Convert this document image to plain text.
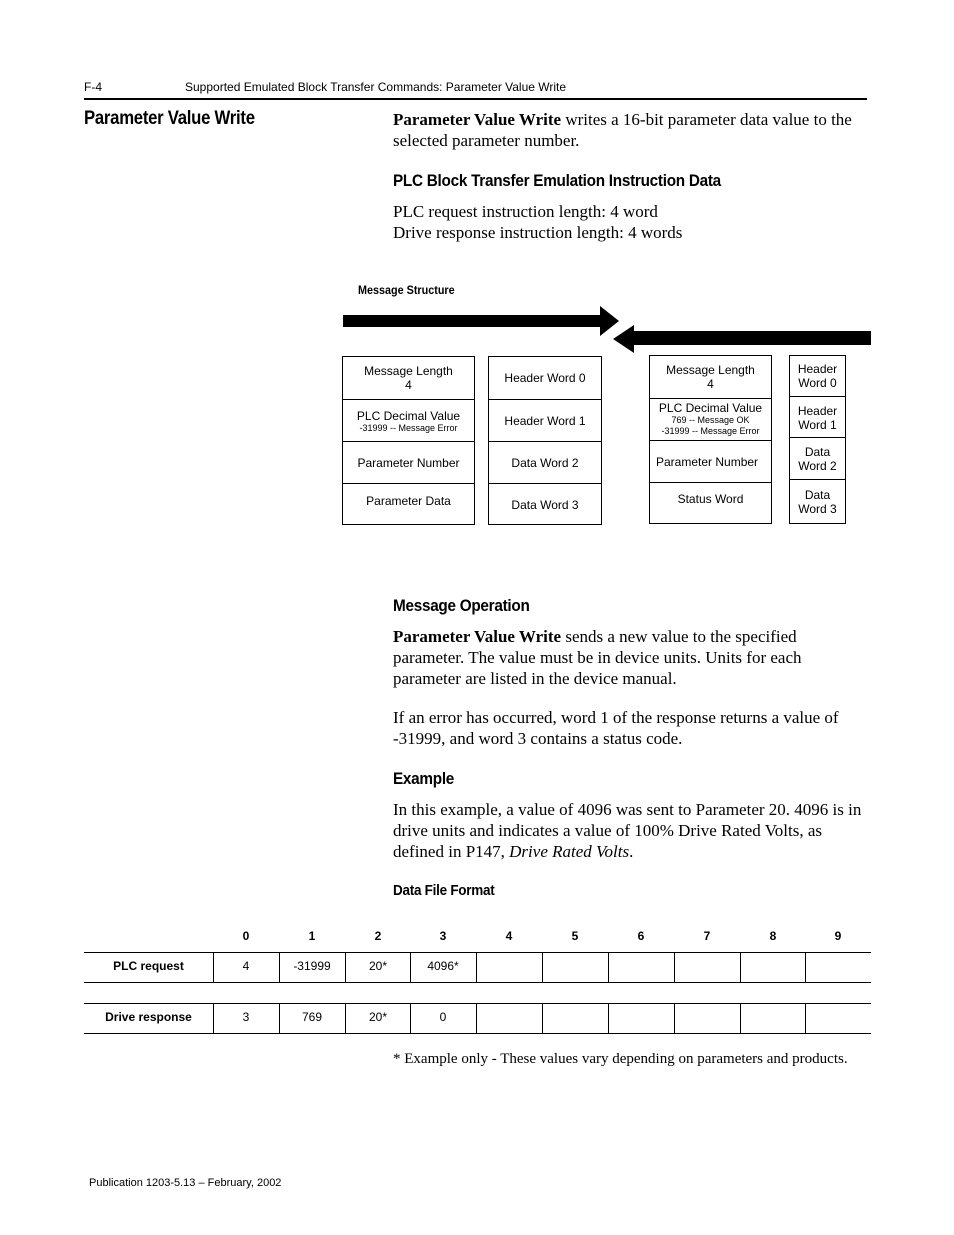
F-4	Supported Emulated Block Transfer Commands: Parameter Value Write
Parameter Value Write	Parameter Value Write writes a 16-bit parameter data value to the selected parameter number.
PLC Block Transfer Emulation Instruction Data
PLC request instruction length: 4 word
Drive response instruction length: 4 words
Message Structure
Message Length
4
PLC Decimal Value
-31999 -- Message Error
Parameter Number
Parameter Data
Header Word 0
Header Word 1
Data Word 2
Data Word 3
Message Length
4
PLC Decimal Value
769 -- Message OK
-31999 -- Message Error
Parameter Number
Status Word
Header
Word 0
Header
Word 1
Data
Word 2
Data
Word 3
Message Operation
Parameter Value Write sends a new value to the specified parameter. The value must be in device units. Units for each parameter are listed in the device manual.
If an error has occurred, word 1 of the response returns a value of -31999, and word 3 contains a status code.
Example
In this example, a value of 4096 was sent to Parameter 20. 4096 is in drive units and indicates a value of 100% Drive Rated Volts, as defined in P147, Drive Rated Volts.
Data File Format
0	1	2	3	4	5	6	7	8	9
PLC request	4	-31999	20*	4096*
Drive response	3	769	20*	0
* Example only - These values vary depending on parameters and products.
Publication 1203-5.13 – February, 2002
